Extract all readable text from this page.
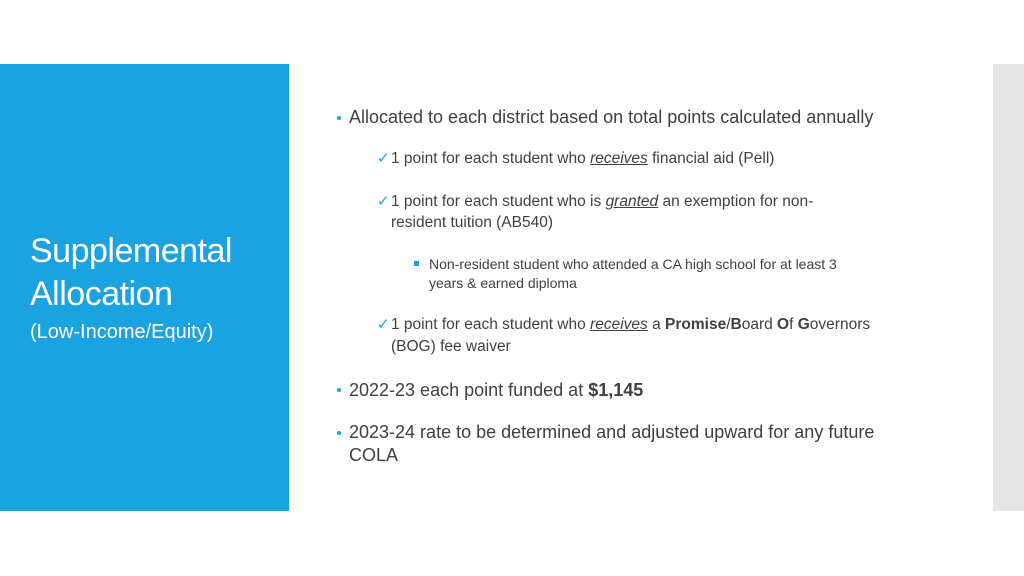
Supplemental
Allocation
(Low-Income/Equity)
Allocated to each district based on total points calculated annually
✓ 1 point for each student who receives financial aid (Pell)
✓ 1 point for each student who is granted an exemption for non-
resident tuition (AB540)
Non-resident student who attended a CA high school for at least 3
years & earned diploma
✓ 1 point for each student who receives a Promise/Board Of Governors
(BOG) fee waiver
2022-23 each point funded at $1,145
2023-24 rate to be determined and adjusted upward for any future
COLA
